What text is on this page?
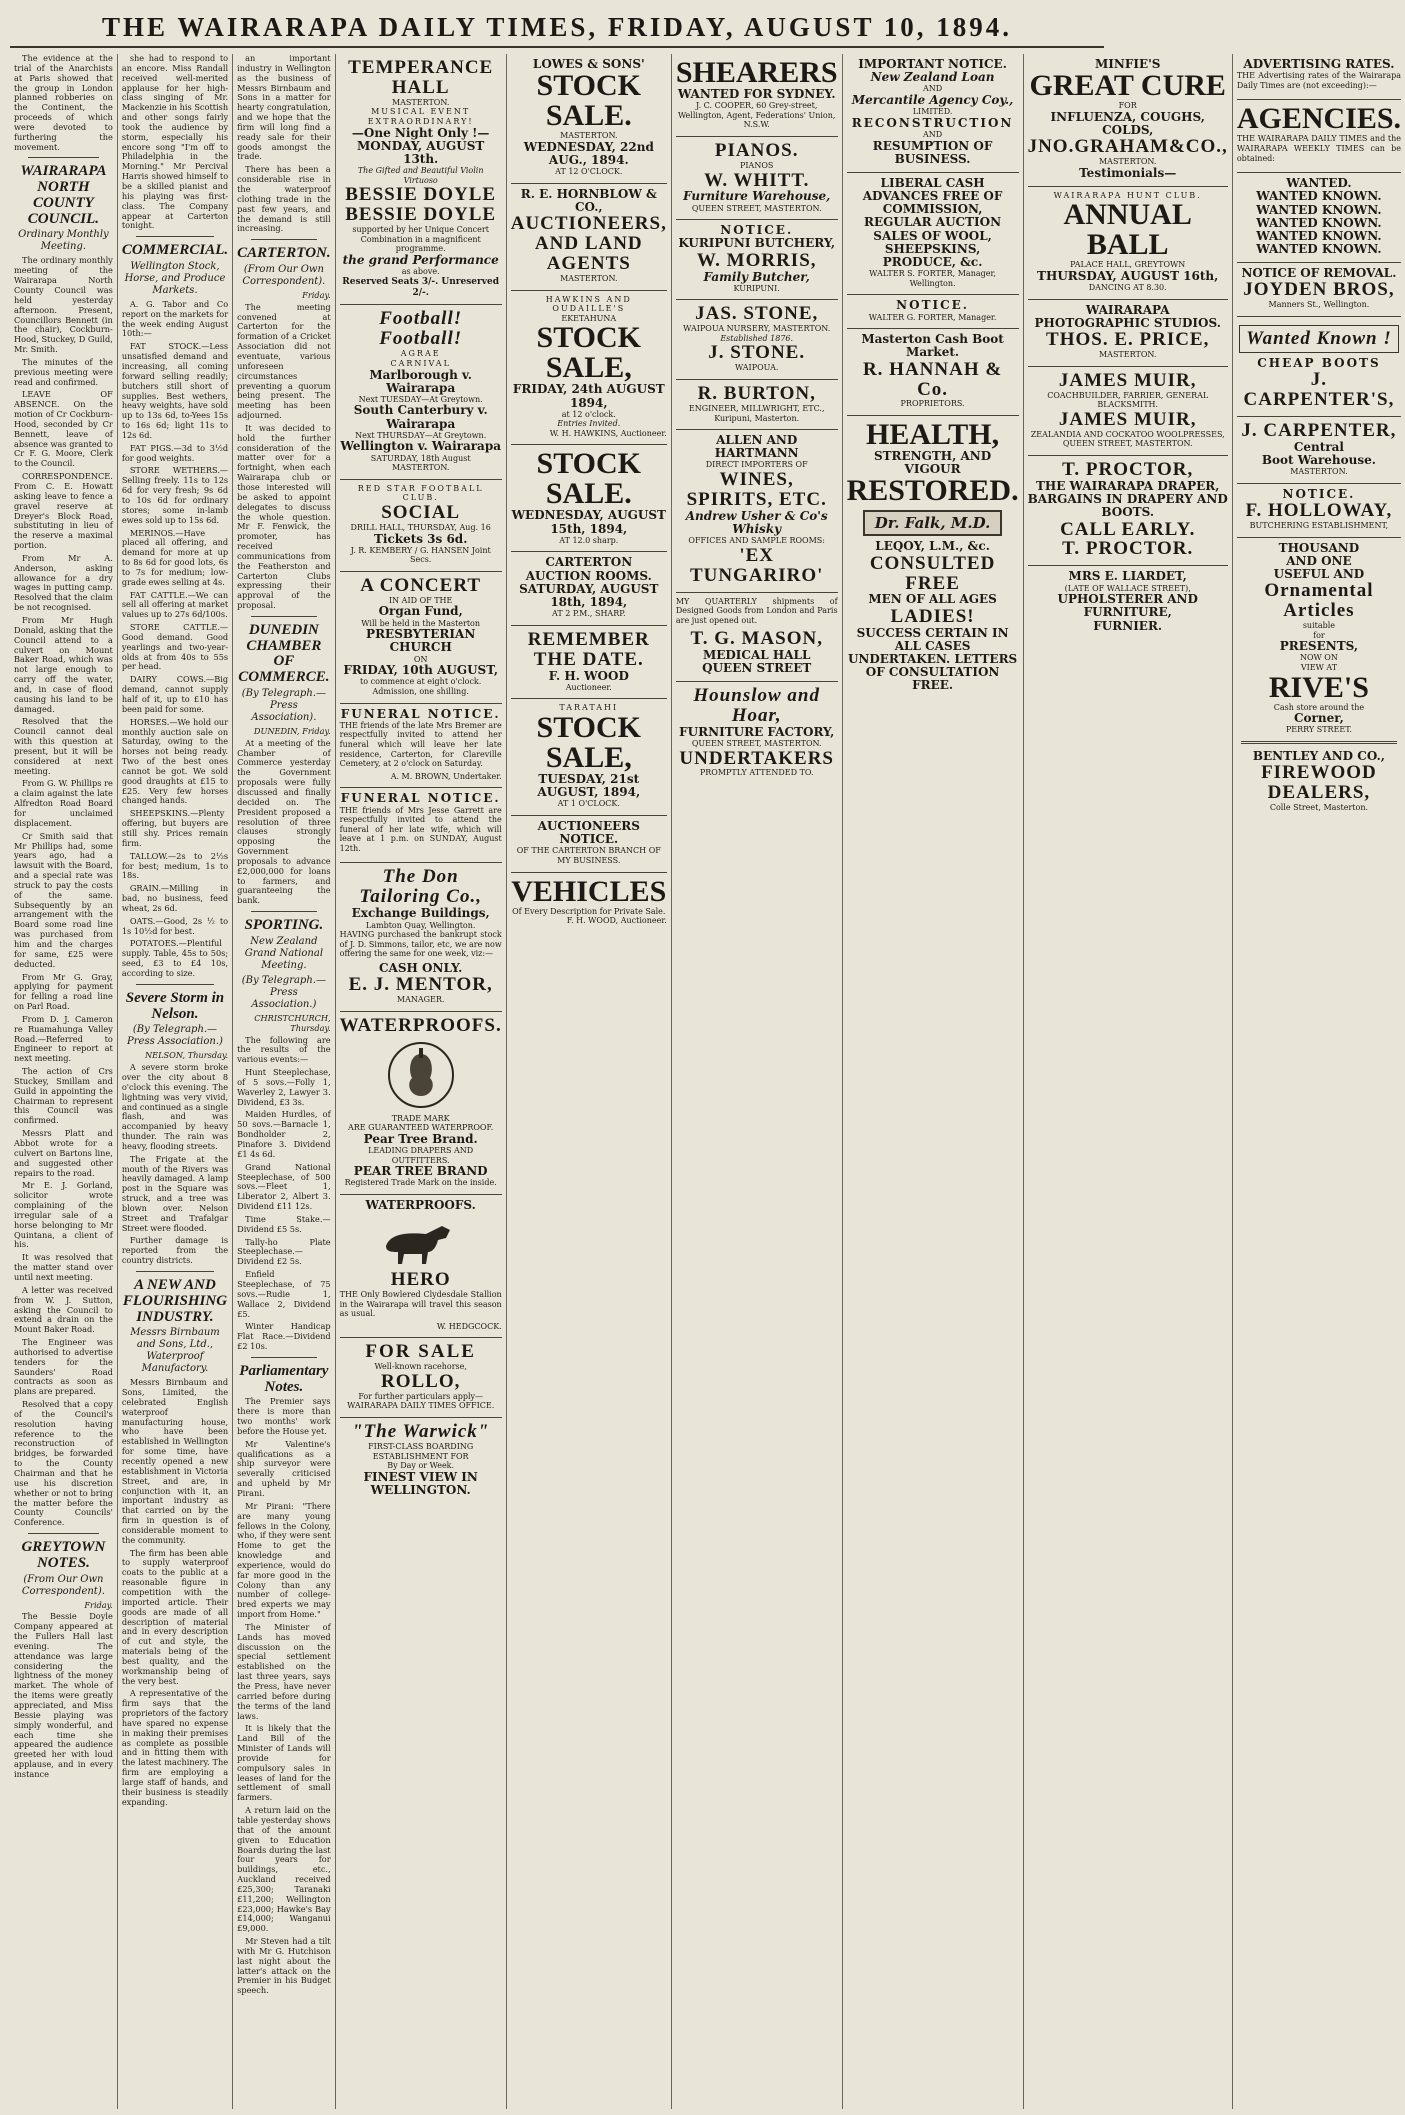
THE WAIRARAPA DAILY TIMES, FRIDAY, AUGUST 10, 1894.

The evidence at the trial of the Anarchists at Paris showed that the group in London planned robberies on the Continent, the proceeds of which were devoted to furthering the movement.

WAIRARAPA NORTH COUNTY COUNCIL.
Ordinary Monthly Meeting.

The ordinary monthly meeting of the Wairarapa North County Council was held yesterday afternoon. Present, Councillors Bennett (in the chair), Cockburn-Hood, Stuckey, D Guild, Mr. Smith.

The minutes of the previous meeting were read and confirmed.

LEAVE OF ABSENCE. On the motion of Cr Cockburn-Hood, seconded by Cr Bennett, leave of absence was granted to Cr F. G. Moore, Clerk to the Council.

CORRESPONDENCE. From C. E. Howatt asking leave to fence a gravel reserve at Dreyer's Block Road, substituting in lieu of the reserve a maximal portion.

From Mr A. Anderson, asking allowance for a dry wages in putting camp. Resolved that the claim be not recognised.

From Mr Hugh Donald, asking that the Council attend to a culvert on Mount Baker Road, which was not large enough to carry off the water, and, in case of flood causing his land to be damaged.

Resolved that the Council cannot deal with this question at present, but it will be considered at next meeting.

From G. W. Phillips re a claim against the late Alfredton Road Board for unclaimed displacement.

Cr Smith said that Mr Phillips had, some years ago, had a lawsuit with the Board, and a special rate was struck to pay the costs of the same. Subsequently by an arrangement with the Board some road line was purchased from him and the charges for same, £25 were deducted.

From Mr G. Gray, applying for payment for felling a road line on Parl Road.

From D. J. Cameron re Ruamahunga Valley Road.—Referred to Engineer to report at next meeting.

The action of Crs Stuckey, Smillam and Guild in appointing the Chairman to represent this Council was confirmed.

Messrs Platt and Abbot wrote for a culvert on Bartons line, and suggested other repairs to the road.

Mr E. J. Gorland, solicitor wrote complaining of the irregular sale of a horse belonging to Mr Quintana, a client of his.

It was resolved that the matter stand over until next meeting.

A letter was received from W. J. Sutton, asking the Council to extend a drain on the Mount Baker Road.

The Engineer was authorised to advertise tenders for the Saunders' Road contracts as soon as plans are prepared.

Resolved that a copy of the Council's resolution having reference to the reconstruction of bridges, be forwarded to the County Chairman and that he use his discretion whether or not to bring the matter before the County Councils' Conference.

GREYTOWN NOTES.
(From Our Own Correspondent).
Friday.

The Bessie Doyle Company appeared at the Fullers Hall last evening. The attendance was large considering the lightness of the money market. The whole of the items were greatly appreciated, and Miss Bessie playing was simply wonderful, and each time she appeared the audience greeted her with loud applause, and in every instance

she had to respond to an encore. Miss Randall received well-merited applause for her high-class singing of Mr. Mackenzie in his Scottish and other songs fairly took the audience by storm, especially his encore song "I'm off to Philadelphia in the Morning." Mr Percival Harris showed himself to be a skilled pianist and his playing was first-class. The Company appear at Carterton tonight.

COMMERCIAL.
Wellington Stock, Horse, and Produce Markets.

A. G. Tabor and Co report on the markets for the week ending August 10th:—

FAT STOCK.—Less unsatisfied demand and increasing, all coming forward selling readily; butchers still short of supplies. Best wethers, heavy weights, have sold up to 13s 6d, to-Yees 15s to 16s 6d; light 11s to 12s 6d.

FAT PIGS.—3d to 3½d for good weights.

STORE WETHERS.—Selling freely. 11s to 12s 6d for very fresh; 9s 6d to 10s 6d for ordinary stores; some in-lamb ewes sold up to 15s 6d.

MERINOS.—Have placed all offering, and demand for more at up to 8s 6d for good lots, 6s to 7s for medium; low-grade ewes selling at 4s.

FAT CATTLE.—We can sell all offering at market values up to 27s 6d/100s.

STORE CATTLE.—Good demand. Good yearlings and two-year-olds at from 40s to 55s per head.

DAIRY COWS.—Big demand, cannot supply half of it, up to £10 has been paid for some.

HORSES.—We hold our monthly auction sale on Saturday, owing to the horses not being ready. Two of the best ones cannot be got. We sold good draughts at £15 to £25. Very few horses changed hands.

SHEEPSKINS.—Plenty offering, but buyers are still shy. Prices remain firm.

TALLOW.—2s to 2½s for best; medium, 1s to 18s.

GRAIN.—Milling in bad, no business, feed wheat, 2s 6d.

OATS.—Good, 2s ½ to 1s 10½d for best.

POTATOES.—Plentiful supply. Table, 45s to 50s; seed, £3 to £4 10s, according to size.

Severe Storm in Nelson.
(By Telegraph.—Press Association.)
NELSON, Thursday.

A severe storm broke over the city about 8 o'clock this evening. The lightning was very vivid, and continued as a single flash, and was accompanied by heavy thunder. The rain was heavy, flooding streets.

The Frigate at the mouth of the Rivers was heavily damaged. A lamp post in the Square was struck, and a tree was blown over. Nelson Street and Trafalgar Street were flooded.

Further damage is reported from the country districts.

A NEW AND FLOURISHING INDUSTRY.
Messrs Birnbaum and Sons, Ltd., Waterproof Manufactory.

Messrs Birnbaum and Sons, Limited, the celebrated English waterproof manufacturing house, who have been established in Wellington for some time, have recently opened a new establishment in Victoria Street, and are, in conjunction with it, an important industry as that carried on by the firm in question is of considerable moment to the community.

The firm has been able to supply waterproof coats to the public at a reasonable figure in competition with the imported article. Their goods are made of all description of material and in every description of cut and style, the materials being of the best quality, and the workmanship being of the very best.

A representative of the firm says that the proprietors of the factory have spared no expense in making their premises as complete as possible and in fitting them with the latest machinery. The firm are employing a large staff of hands, and their business is steadily expanding.

an important industry in Wellington as the business of Messrs Birnbaum and Sons in a matter for hearty congratulation, and we hope that the firm will long find a ready sale for their goods amongst the trade.

There has been a considerable rise in the waterproof clothing trade in the past few years, and the demand is still increasing.

CARTERTON.
(From Our Own Correspondent).
Friday.

The meeting convened at Carterton for the formation of a Cricket Association did not eventuate, various unforeseen circumstances preventing a quorum being present. The meeting has been adjourned.

It was decided to hold the further consideration of the matter over for a fortnight, when each Wairarapa club or those interested will be asked to appoint delegates to discuss the whole question. Mr F. Fenwick, the promoter, has received communications from the Featherston and Carterton Clubs expressing their approval of the proposal.

DUNEDIN CHAMBER OF COMMERCE.
(By Telegraph.—Press Association).
DUNEDIN, Friday.

At a meeting of the Chamber of Commerce yesterday the Government proposals were fully discussed and finally decided on. The President proposed a resolution of three clauses strongly opposing the Government proposals to advance £2,000,000 for loans to farmers, and guaranteeing the bank.

SPORTING.
New Zealand Grand National Meeting.
(By Telegraph.—Press Association.)
CHRISTCHURCH, Thursday.

The following are the results of the various events:—

Hunt Steeplechase, of 5 sovs.—Folly 1, Waverley 2, Lawyer 3. Dividend, £3 3s.

Maiden Hurdles, of 50 sovs.—Barnacle 1, Bondholder 2, Pinafore 3. Dividend £1 4s 6d.

Grand National Steeplechase, of 500 sovs.—Fleet 1, Liberator 2, Albert 3. Dividend £11 12s.

Time Stake.—Dividend £5 5s.

Tally-ho Plate Steeplechase.—Dividend £2 5s.

Enfield Steeplechase, of 75 sovs.—Rudie 1, Wallace 2, Dividend £5.

Winter Handicap Flat Race.—Dividend £2 10s.

Parliamentary Notes.

The Premier says there is more than two months' work before the House yet.

Mr Valentine's qualifications as a ship surveyor were severally criticised and upheld by Mr Pirani.

Mr Pirani: "There are many young fellows in the Colony, who, if they were sent Home to get the knowledge and experience, would do far more good in the Colony than any number of college-bred experts we may import from Home."

The Minister of Lands has moved discussion on the special settlement established on the last three years, says the Press, have never carried before during the terms of the land laws.

It is likely that the Land Bill of the Minister of Lands will provide for compulsory sales in leases of land for the settlement of small farmers.

A return laid on the table yesterday shows that of the amount given to Education Boards during the last four years for buildings, etc., Auckland received £25,300; Taranaki £11,200; Wellington £23,000; Hawke's Bay £14,000; Wanganui £9,000.

Mr Steven had a tilt with Mr G. Hutchison last night about the latter's attack on the Premier in his Budget speech.

TEMPERANCE HALL
MASTERTON.
MUSICAL EVENT EXTRAORDINARY!
—One Night Only !—
MONDAY, AUGUST 13th.
The Gifted and Beautiful Violin Virtuoso
BESSIE DOYLE
BESSIE DOYLE
supported by her Unique Concert Combination in a magnificent programme.
the grand Performance
as above.
Reserved Seats 3/-. Unreserved 2/-.
Football!
Football!
AGRAE
CARNIVAL
Marlborough v. Wairarapa
Next TUESDAY—At Greytown.
South Canterbury v. Wairarapa
Next THURSDAY—At Greytown.
Wellington v. Wairarapa
SATURDAY, 18th August
MASTERTON.
RED STAR FOOTBALL CLUB.
SOCIAL
DRILL HALL, THURSDAY, Aug. 16
Tickets 3s 6d.
J. R. KEMBERY / G. HANSEN Joint Secs.
A CONCERT
IN AID OF THE
Organ Fund,
Will be held in the Masterton
PRESBYTERIAN CHURCH
ON
FRIDAY, 10th AUGUST,
to commence at eight o'clock. Admission, one shilling.
FUNERAL NOTICE.

THE friends of the late Mrs Bremer are respectfully invited to attend her funeral which will leave her late residence, Carterton, for Clareville Cemetery, at 2 o'clock on Saturday.

A. M. BROWN, Undertaker.
FUNERAL NOTICE.

THE friends of Mrs Jesse Garrett are respectfully invited to attend the funeral of her late wife, which will leave at 1 p.m. on SUNDAY, August 12th.

The Don Tailoring Co.,
Exchange Buildings,
Lambton Quay, Wellington.

HAVING purchased the bankrupt stock of J. D. Simmons, tailor, etc, we are now offering the same for one week, viz:—

CASH ONLY.
E. J. MENTOR,
MANAGER.
WATERPROOFS.
TRADE MARK
ARE GUARANTEED WATERPROOF.
Pear Tree Brand.
LEADING DRAPERS AND OUTFITTERS.
PEAR TREE BRAND
Registered Trade Mark on the inside.
WATERPROOFS.
HERO

THE Only Bowlered Clydesdale Stallion in the Wairarapa will travel this season as usual.

W. HEDGCOCK.
FOR SALE
Well-known racehorse,
ROLLO,
For further particulars apply—
WAIRARAPA DAILY TIMES OFFICE.
"The Warwick"
FIRST-CLASS BOARDING ESTABLISHMENT FOR
By Day or Week.
FINEST VIEW IN WELLINGTON.
LOWES & SONS'
STOCK SALE.
MASTERTON.
WEDNESDAY, 22nd AUG., 1894.
AT 12 O'CLOCK.
R. E. HORNBLOW & CO.,
AUCTIONEERS,
AND LAND AGENTS
MASTERTON.
HAWKINS AND OUDAILLE'S
EKETAHUNA
STOCK SALE,
FRIDAY, 24th AUGUST 1894,
at 12 o'clock.
Entries Invited.
W. H. HAWKINS, Auctioneer.
STOCK SALE.
WEDNESDAY, AUGUST 15th, 1894,
AT 12.0 sharp.
CARTERTON AUCTION ROOMS.
SATURDAY, AUGUST 18th, 1894,
AT 2 P.M., SHARP.
REMEMBER THE DATE.
F. H. WOOD
Auctioneer.
TARATAHI
STOCK SALE,
TUESDAY, 21st AUGUST, 1894,
AT 1 O'CLOCK.
AUCTIONEERS NOTICE.
OF THE CARTERTON BRANCH OF MY BUSINESS.
VEHICLES
Of Every Description for Private Sale.
F. H. WOOD, Auctioneer.
SHEARERS
WANTED FOR SYDNEY.
J. C. COOPER, 60 Grey-street, Wellington, Agent, Federations' Union, N.S.W.
PIANOS.
PIANOS
W. WHITT.
Furniture Warehouse,
QUEEN STREET, MASTERTON.
NOTICE.
KURIPUNI BUTCHERY,
W. MORRIS,
Family Butcher,
KURIPUNI.
JAS. STONE,
WAIPOUA NURSERY, MASTERTON.
Established 1876.
J. STONE.
WAIPOUA.
R. BURTON,
ENGINEER, MILLWRIGHT, ETC.,
Kuripuni, Masterton.
ALLEN AND HARTMANN
DIRECT IMPORTERS OF
WINES, SPIRITS, ETC.
Andrew Usher & Co's Whisky
OFFICES AND SAMPLE ROOMS:
'EX TUNGARIRO'

MY QUARTERLY shipments of Designed Goods from London and Paris are just opened out.

T. G. MASON,
MEDICAL HALL
QUEEN STREET
Hounslow and Hoar,
FURNITURE FACTORY,
QUEEN STREET, MASTERTON.
UNDERTAKERS
PROMPTLY ATTENDED TO.
IMPORTANT NOTICE.
New Zealand Loan
AND
Mercantile Agency Coy.,
LIMITED.
RECONSTRUCTION
AND
RESUMPTION OF BUSINESS.
LIBERAL CASH ADVANCES FREE OF COMMISSION,
REGULAR AUCTION SALES OF WOOL, SHEEPSKINS, PRODUCE, &c.
WALTER S. FORTER, Manager, Wellington.
NOTICE.
WALTER G. FORTER, Manager.
Masterton Cash Boot
Market.
R. HANNAH & Co.
PROPRIETORS.
HEALTH,
STRENGTH, AND VIGOUR
RESTORED.
Dr. Falk, M.D.
LEQOY, L.M., &c.
CONSULTED FREE
MEN OF ALL AGES
LADIES!
SUCCESS CERTAIN IN ALL CASES UNDERTAKEN. LETTERS OF CONSULTATION FREE.
MINFIE'S
GREAT CURE
FOR
INFLUENZA, COUGHS, COLDS,
JNO.GRAHAM&CO.,
MASTERTON.
Testimonials—
WAIRARAPA HUNT CLUB.
ANNUAL BALL
PALACE HALL, GREYTOWN
THURSDAY, AUGUST 16th,
DANCING AT 8.30.
WAIRARAPA PHOTOGRAPHIC STUDIOS.
THOS. E. PRICE,
MASTERTON.
JAMES MUIR,
COACHBUILDER, FARRIER, GENERAL BLACKSMITH.
JAMES MUIR,
ZEALANDIA AND COCKATOO WOOLPRESSES,
QUEEN STREET, MASTERTON.
T. PROCTOR,
THE WAIRARAPA DRAPER,
BARGAINS IN DRAPERY AND BOOTS.
CALL EARLY.
T. PROCTOR.
MRS E. LIARDET,
(LATE OF WALLACE STREET),
UPHOLSTERER AND FURNITURE,
FURNIER.
ADVERTISING RATES.

THE Advertising rates of the Wairarapa Daily Times are (not exceeding):—

AGENCIES.

THE WAIRARAPA DAILY TIMES and the WAIRARAPA WEEKLY TIMES can be obtained:

WANTED.
WANTED KNOWN.
WANTED KNOWN.
WANTED KNOWN.
WANTED KNOWN.
WANTED KNOWN.
NOTICE OF REMOVAL.
JOYDEN BROS,
Manners St., Wellington.
Wanted Known !
CHEAP BOOTS
J. CARPENTER'S,
J. CARPENTER,
Central
Boot Warehouse.
MASTERTON.
NOTICE.
F. HOLLOWAY,
BUTCHERING ESTABLISHMENT,
THOUSAND
AND ONE
USEFUL AND
Ornamental
Articles
suitable
for
PRESENTS,
NOW ON
VIEW AT
RIVE'S
Cash store around the
Corner,
PERRY STREET.
BENTLEY AND CO.,
FIREWOOD DEALERS,
Colle Street, Masterton.
